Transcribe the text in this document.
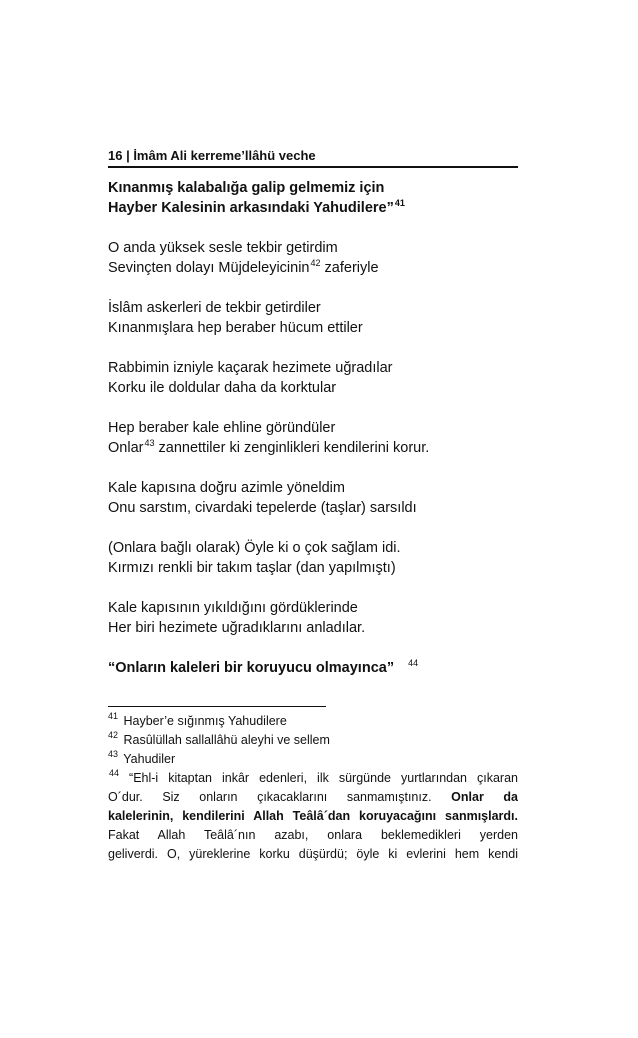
16 | İmâm Ali kerreme’llâhü veche

Kınanmış kalabalığa galip gelmemiz için

Hayber Kalesinin arkasındaki Yahudilere”$^{41}$

O anda yüksek sesle tekbir getirdim

Sevinçten dolayı Müjdeleyicinin$^{42}$ zaferiyle

İslâm askerleri de tekbir getirdiler

Kınanmışlara hep beraber hücum ettiler

Rabbimin izniyle kaçarak hezimete uğradılar

Korku ile doldular daha da korktular

Hep beraber kale ehline göründüler

Onlar$^{43}$ zannettiler ki zenginlikleri kendilerini korur.

Kale kapısına doğru azimle yöneldim

Onu sarstım, civardaki tepelerde (taşlar) sarsıldı

(Onlara bağlı olarak) Öyle ki o çok sağlam idi.

Kırmızı renkli bir takım taşlar (dan yapılmıştı)

Kale kapısının yıkıldığını gördüklerinde

Her biri hezimete uğradıklarını anladılar.

“Onların kaleleri bir koruyucu olmayınca” $^{44}$

$^{41}$ Hayber’e sığınmış Yahudilere

$^{42}$ Rasûlüllah sallallâhü aleyhi ve sellem

$^{43}$ Yahudiler

$^{44}$ “Ehl-i kitaptan inkâr edenleri, ilk sürgünde yurtlarından çıkaran

O´dur. Siz onların çıkacaklarını sanmamıştınız. Onlar da

kalelerinin, kendilerini Allah Teâlâ´dan koruyacağını sanmışlardı.

Fakat Allah Teâlâ´nın azabı, onlara beklemedikleri yerden

geliverdi. O, yüreklerine korku düşürdü; öyle ki evlerini hem kendi
